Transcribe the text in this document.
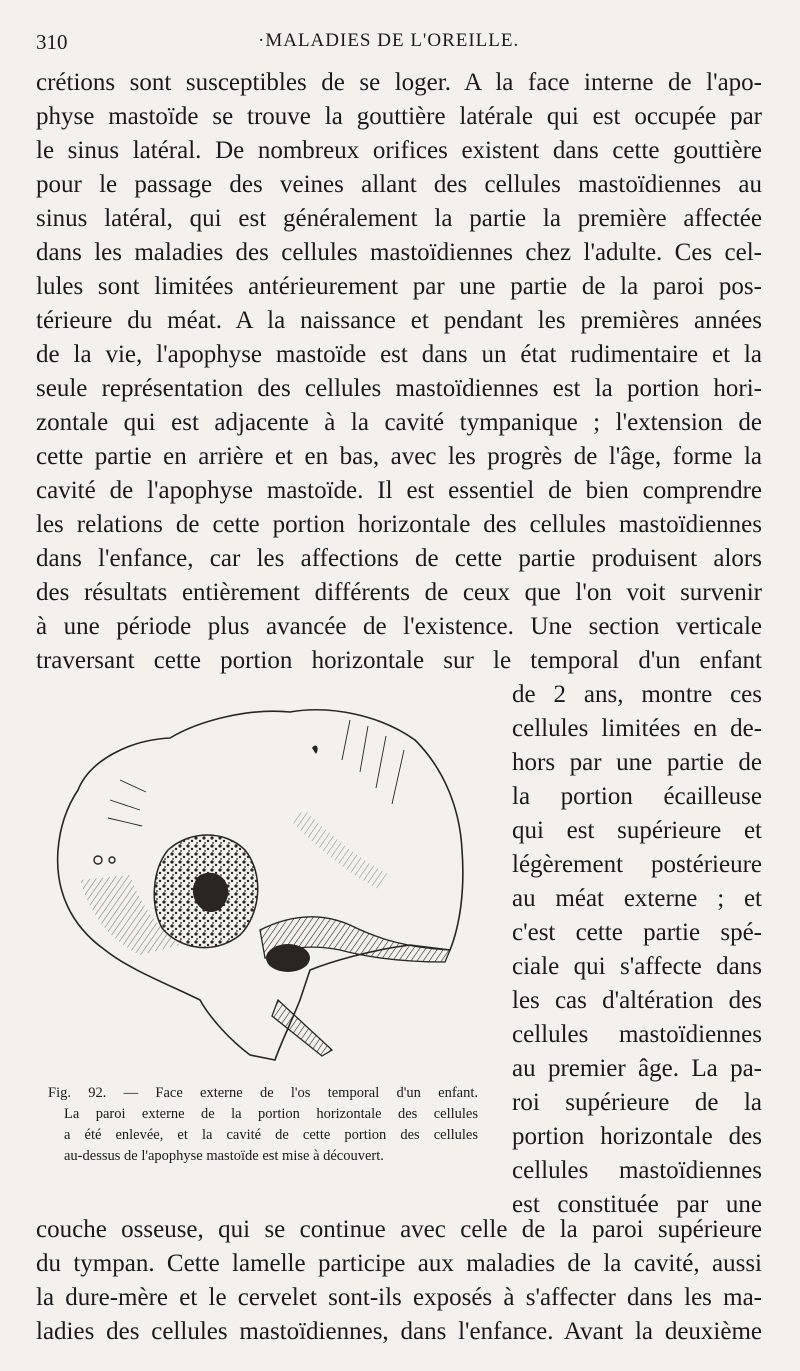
310	·MALADIES DE L'OREILLE.
crétions sont susceptibles de se loger. A la face interne de l'apo-
physe mastoïde se trouve la gouttière latérale qui est occupée par
le sinus latéral. De nombreux orifices existent dans cette gouttière
pour le passage des veines allant des cellules mastoïdiennes au
sinus latéral, qui est généralement la partie la première affectée
dans les maladies des cellules mastoïdiennes chez l'adulte. Ces cel-
lules sont limitées antérieurement par une partie de la paroi pos-
térieure du méat. A la naissance et pendant les premières années
de la vie, l'apophyse mastoïde est dans un état rudimentaire et la
seule représentation des cellules mastoïdiennes est la portion hori-
zontale qui est adjacente à la cavité tympanique ; l'extension de
cette partie en arrière et en bas, avec les progrès de l'âge, forme la
cavité de l'apophyse mastoïde. Il est essentiel de bien comprendre
les relations de cette portion horizontale des cellules mastoïdiennes
dans l'enfance, car les affections de cette partie produisent alors
des résultats entièrement différents de ceux que l'on voit survenir
à une période plus avancée de l'existence. Une section verticale
traversant cette portion horizontale sur le temporal d'un enfant
de 2 ans, montre ces
cellules limitées en de-
hors par une partie de
la portion écailleuse
qui est supérieure et
légèrement postérieure
au méat externe ; et
c'est cette partie spé-
ciale qui s'affecte dans
les cas d'altération des
cellules mastoïdiennes
au premier âge. La pa-
roi supérieure de la
portion horizontale des
cellules mastoïdiennes
est constituée par une
Fig. 92. — Face externe de l'os temporal d'un enfant.
La paroi externe de la portion horizontale des cellules
a été enlevée, et la cavité de cette portion des cellules
au-dessus de l'apophyse mastoïde est mise à découvert.
couche osseuse, qui se continue avec celle de la paroi supérieure
du tympan. Cette lamelle participe aux maladies de la cavité, aussi
la dure-mère et le cervelet sont-ils exposés à s'affecter dans les ma-
ladies des cellules mastoïdiennes, dans l'enfance. Avant la deuxième
